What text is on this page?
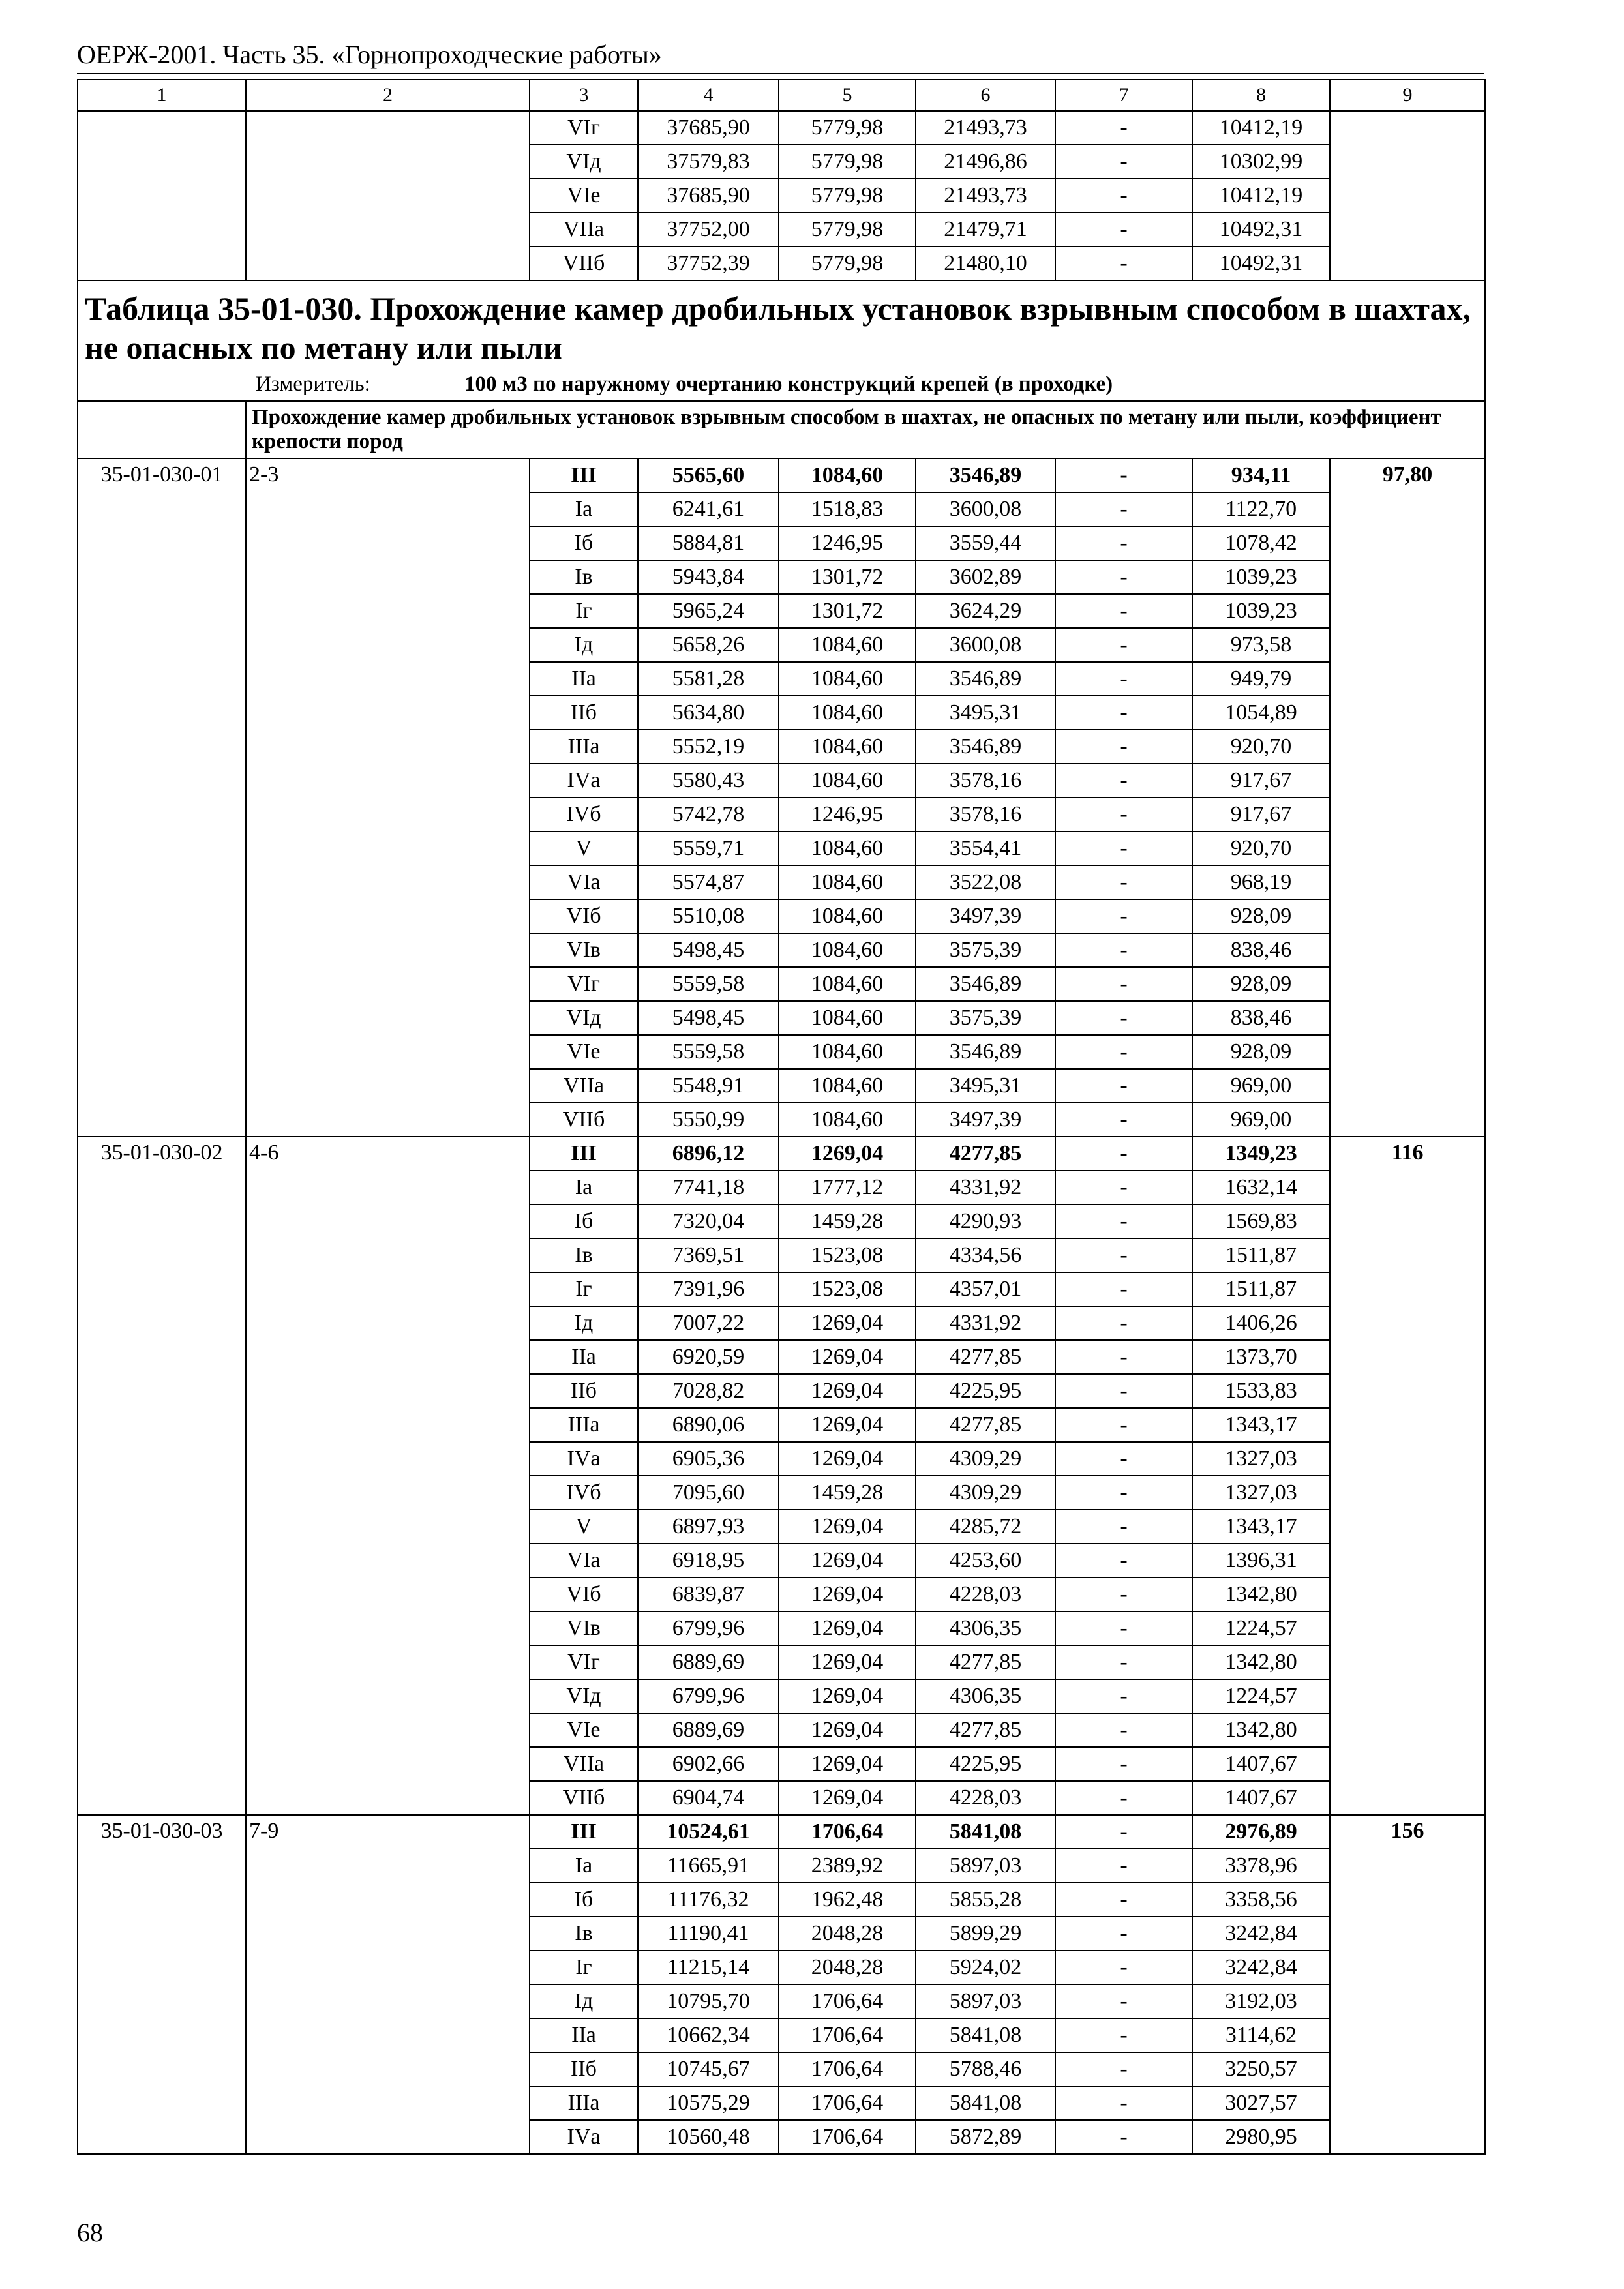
ОЕРЖ-2001. Часть 35. «Горнопроходческие работы»
1	2	3	4	5	6	7	8	9
		VIг	37685,90	5779,98	21493,73	-	10412,19	
		VIд	37579,83	5779,98	21496,86	-	10302,99	
		VIе	37685,90	5779,98	21493,73	-	10412,19	
		VIIа	37752,00	5779,98	21479,71	-	10492,31	
		VIIб	37752,39	5779,98	21480,10	-	10492,31	

Таблица 35-01-030. Прохождение камер дробильных установок взрывным способом в шахтах, не опасных по метану или пыли
Измеритель: 100 м3 по наружному очертанию конструкций крепей (в проходке)								

	Прохождение камер дробильных установок взрывным способом в шахтах, не опасных по метану или пыли, коэффициент крепости пород							
35-01-030-01	2-3	III	5565,60	1084,60	3546,89	-	934,11	97,80
		Iа	6241,61	1518,83	3600,08	-	1122,70	
		Iб	5884,81	1246,95	3559,44	-	1078,42	
		Iв	5943,84	1301,72	3602,89	-	1039,23	
		Iг	5965,24	1301,72	3624,29	-	1039,23	
		Iд	5658,26	1084,60	3600,08	-	973,58	
		IIа	5581,28	1084,60	3546,89	-	949,79	
		IIб	5634,80	1084,60	3495,31	-	1054,89	
		IIIа	5552,19	1084,60	3546,89	-	920,70	
		IVа	5580,43	1084,60	3578,16	-	917,67	
		IVб	5742,78	1246,95	3578,16	-	917,67	
		V	5559,71	1084,60	3554,41	-	920,70	
		VIа	5574,87	1084,60	3522,08	-	968,19	
		VIб	5510,08	1084,60	3497,39	-	928,09	
		VIв	5498,45	1084,60	3575,39	-	838,46	
		VIг	5559,58	1084,60	3546,89	-	928,09	
		VIд	5498,45	1084,60	3575,39	-	838,46	
		VIе	5559,58	1084,60	3546,89	-	928,09	
		VIIа	5548,91	1084,60	3495,31	-	969,00	
		VIIб	5550,99	1084,60	3497,39	-	969,00	
35-01-030-02	4-6	III	6896,12	1269,04	4277,85	-	1349,23	116
		Iа	7741,18	1777,12	4331,92	-	1632,14	
		Iб	7320,04	1459,28	4290,93	-	1569,83	
		Iв	7369,51	1523,08	4334,56	-	1511,87	
		Iг	7391,96	1523,08	4357,01	-	1511,87	
		Iд	7007,22	1269,04	4331,92	-	1406,26	
		IIа	6920,59	1269,04	4277,85	-	1373,70	
		IIб	7028,82	1269,04	4225,95	-	1533,83	
		IIIа	6890,06	1269,04	4277,85	-	1343,17	
		IVа	6905,36	1269,04	4309,29	-	1327,03	
		IVб	7095,60	1459,28	4309,29	-	1327,03	
		V	6897,93	1269,04	4285,72	-	1343,17	
		VIа	6918,95	1269,04	4253,60	-	1396,31	
		VIб	6839,87	1269,04	4228,03	-	1342,80	
		VIв	6799,96	1269,04	4306,35	-	1224,57	
		VIг	6889,69	1269,04	4277,85	-	1342,80	
		VIд	6799,96	1269,04	4306,35	-	1224,57	
		VIе	6889,69	1269,04	4277,85	-	1342,80	
		VIIа	6902,66	1269,04	4225,95	-	1407,67	
		VIIб	6904,74	1269,04	4228,03	-	1407,67	
35-01-030-03	7-9	III	10524,61	1706,64	5841,08	-	2976,89	156
		Iа	11665,91	2389,92	5897,03	-	3378,96	
		Iб	11176,32	1962,48	5855,28	-	3358,56	
		Iв	11190,41	2048,28	5899,29	-	3242,84	
		Iг	11215,14	2048,28	5924,02	-	3242,84	
		Iд	10795,70	1706,64	5897,03	-	3192,03	
		IIа	10662,34	1706,64	5841,08	-	3114,62	
		IIб	10745,67	1706,64	5788,46	-	3250,57	
		IIIа	10575,29	1706,64	5841,08	-	3027,57	
		IVа	10560,48	1706,64	5872,89	-	2980,95	
68
